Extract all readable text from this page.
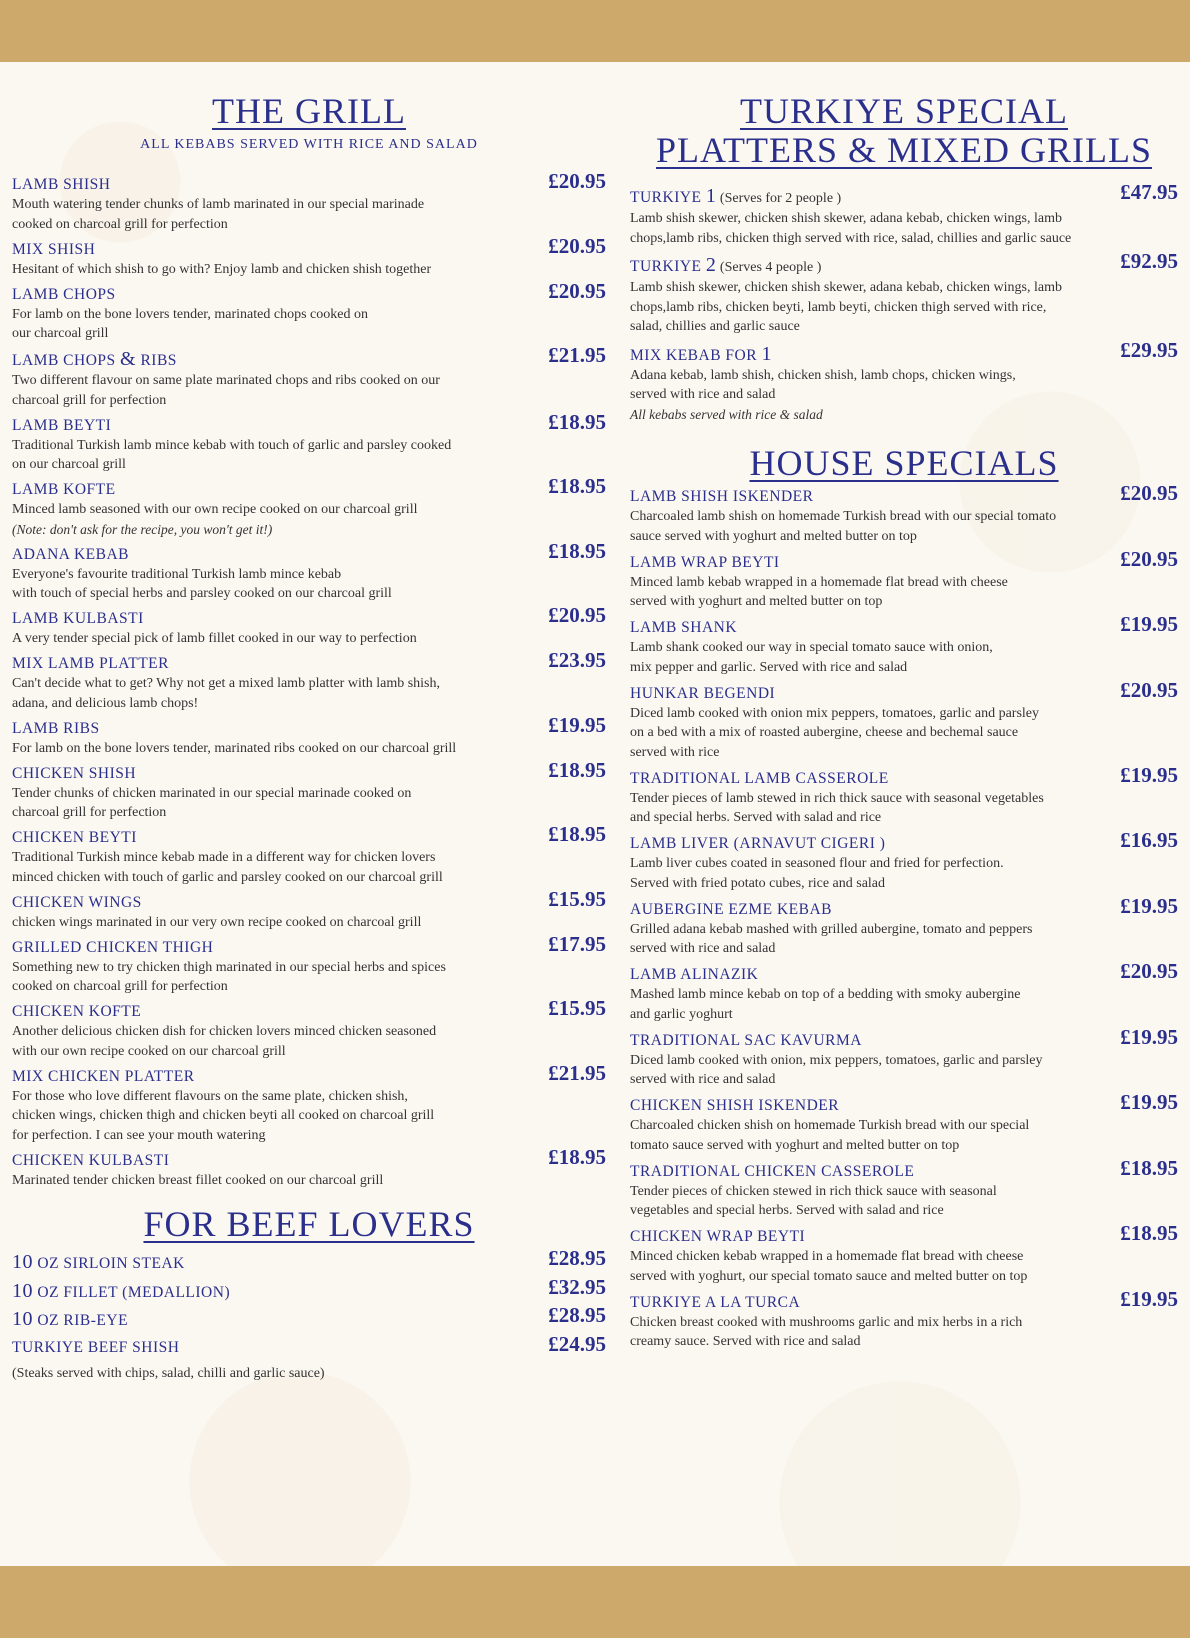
THE GRILL
ALL KEBABS SERVED WITH RICE AND SALAD
LAMB SHISH	£20.95
Mouth watering tender chunks of lamb marinated in our special marinade
cooked on charcoal grill for perfection
MIX SHISH	£20.95
Hesitant of which shish to go with? Enjoy lamb and chicken shish together
LAMB CHOPS	£20.95
For lamb on the bone lovers tender, marinated chops cooked on
our charcoal grill
LAMB CHOPS & RIBS	£21.95
Two different flavour on same plate marinated chops and ribs cooked on our
charcoal grill for perfection
LAMB BEYTI	£18.95
Traditional Turkish lamb mince kebab with touch of garlic and parsley cooked
on our charcoal grill
LAMB KOFTE	£18.95
Minced lamb seasoned with our own recipe cooked on our charcoal grill
(Note: don't ask for the recipe, you won't get it!)
ADANA KEBAB	£18.95
Everyone's favourite traditional Turkish lamb mince kebab
with touch of special herbs and parsley cooked on our charcoal grill
LAMB KULBASTI	£20.95
A very tender special pick of lamb fillet cooked in our way to perfection
MIX LAMB PLATTER	£23.95
Can't decide what to get? Why not get a mixed lamb platter with lamb shish,
adana, and delicious lamb chops!
LAMB RIBS	£19.95
For lamb on the bone lovers tender, marinated ribs cooked on our charcoal grill
CHICKEN SHISH	£18.95
Tender chunks of chicken marinated in our special marinade cooked on
charcoal grill for perfection
CHICKEN BEYTI	£18.95
Traditional Turkish mince kebab made in a different way for chicken lovers
minced chicken with touch of garlic and parsley cooked on our charcoal grill
CHICKEN WINGS	£15.95
chicken wings marinated in our very own recipe cooked on charcoal grill
GRILLED CHICKEN THIGH	£17.95
Something new to try chicken thigh marinated in our special herbs and spices
cooked on charcoal grill for perfection
CHICKEN KOFTE	£15.95
Another delicious chicken dish for chicken lovers minced chicken seasoned
with our own recipe cooked on our charcoal grill
MIX CHICKEN PLATTER	£21.95
For those who love different flavours on the same plate, chicken shish,
chicken wings, chicken thigh and chicken beyti all cooked on charcoal grill
for perfection. I can see your mouth watering
CHICKEN KULBASTI	£18.95
Marinated tender chicken breast fillet cooked on our charcoal grill
FOR BEEF LOVERS
10 OZ SIRLOIN STEAK	£28.95
10 OZ FILLET (MEDALLION)	£32.95
10 OZ RIB-EYE	£28.95
TURKIYE BEEF SHISH	£24.95
(Steaks served with chips, salad, chilli and garlic sauce)
TURKIYE SPECIAL
PLATTERS & MIXED GRILLS
TURKIYE 1 (Serves for 2 people )	£47.95
Lamb shish skewer, chicken shish skewer, adana kebab, chicken wings, lamb
chops,lamb ribs, chicken thigh served with rice, salad, chillies and garlic sauce
TURKIYE 2 (Serves 4 people )	£92.95
Lamb shish skewer, chicken shish skewer, adana kebab, chicken wings, lamb
chops,lamb ribs, chicken beyti, lamb beyti, chicken thigh served with rice,
salad, chillies and garlic sauce
MIX KEBAB FOR 1	£29.95
Adana kebab, lamb shish, chicken shish, lamb chops, chicken wings,
served with rice and salad
All kebabs served with rice & salad
HOUSE SPECIALS
LAMB SHISH ISKENDER	£20.95
Charcoaled lamb shish on homemade Turkish bread with our special tomato
sauce served with yoghurt and melted butter on top
LAMB WRAP BEYTI	£20.95
Minced lamb kebab wrapped in a homemade flat bread with cheese
served with yoghurt and melted butter on top
LAMB SHANK	£19.95
Lamb shank cooked our way in special tomato sauce with onion,
mix pepper and garlic. Served with rice and salad
HUNKAR BEGENDI	£20.95
Diced lamb cooked with onion mix peppers, tomatoes, garlic and parsley
on a bed with a mix of roasted aubergine, cheese and bechemal sauce
served with rice
TRADITIONAL LAMB CASSEROLE	£19.95
Tender pieces of lamb stewed in rich thick sauce with seasonal vegetables
and special herbs. Served with salad and rice
LAMB LIVER (ARNAVUT CIGERI )	£16.95
Lamb liver cubes coated in seasoned flour and fried for perfection.
Served with fried potato cubes, rice and salad
AUBERGINE EZME KEBAB	£19.95
Grilled adana kebab mashed with grilled aubergine, tomato and peppers
served with rice and salad
LAMB ALINAZIK	£20.95
Mashed lamb mince kebab on top of a bedding with smoky aubergine
and garlic yoghurt
TRADITIONAL SAC KAVURMA	£19.95
Diced lamb cooked with onion, mix peppers, tomatoes, garlic and parsley
served with rice and salad
CHICKEN SHISH ISKENDER	£19.95
Charcoaled chicken shish on homemade Turkish bread with our special
tomato sauce served with yoghurt and melted butter on top
TRADITIONAL CHICKEN CASSEROLE	£18.95
Tender pieces of chicken stewed in rich thick sauce with seasonal
vegetables and special herbs. Served with salad and rice
CHICKEN WRAP BEYTI	£18.95
Minced chicken kebab wrapped in a homemade flat bread with cheese
served with yoghurt, our special tomato sauce and melted butter on top
TURKIYE A LA TURCA	£19.95
Chicken breast cooked with mushrooms garlic and mix herbs in a rich
creamy sauce. Served with rice and salad
